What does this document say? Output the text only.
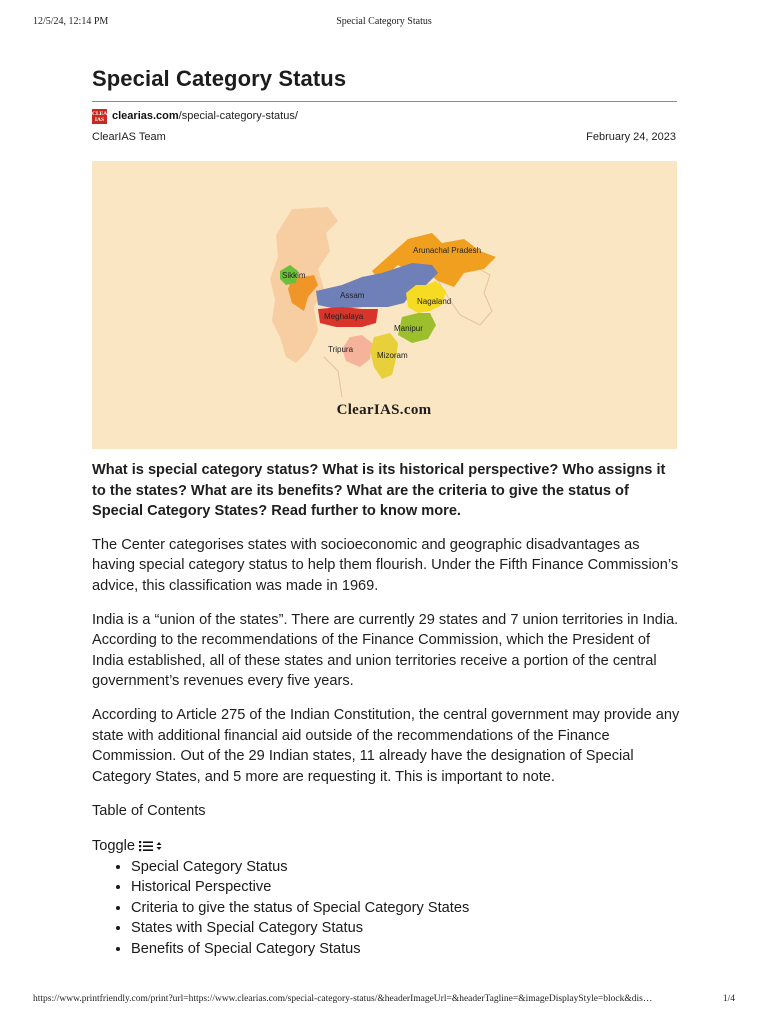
12/5/24, 12:14 PM	Special Category Status
Special Category Status
CLEAR IAS clearias.com /special-category-status/
ClearIAS Team	February 24, 2023
Arunachal Pradesh
Sikkim
Assam
Nagaland
Meghalaya
Manipur
Tripura
Mizoram
ClearIAS.com

What is special category status? What is its historical perspective? Who assigns it to the states? What are its benefits? What are the criteria to give the status of Special Category States? Read further to know more.

The Center categorises states with socioeconomic and geographic disadvantages as having special category status to help them flourish. Under the Fifth Finance Commission’s advice, this classification was made in 1969.

India is a “union of the states”. There are currently 29 states and 7 union territories in India. According to the recommendations of the Finance Commission, which the President of India established, all of these states and union territories receive a portion of the central government’s revenues every five years.

According to Article 275 of the Indian Constitution, the central government may provide any state with additional financial aid outside of the recommendations of the Finance Commission. Out of the 29 Indian states, 11 already have the designation of Special Category States, and 5 more are requesting it. This is important to note.

Table of Contents

Toggle
• Special Category Status
• Historical Perspective
• Criteria to give the status of Special Category States
• States with Special Category Status
• Benefits of Special Category Status
https://www.printfriendly.com/print?url=https://www.clearias.com/special-category-status/&headerImageUrl=&headerTagline=&imageDisplayStyle=block&dis…	1/4
